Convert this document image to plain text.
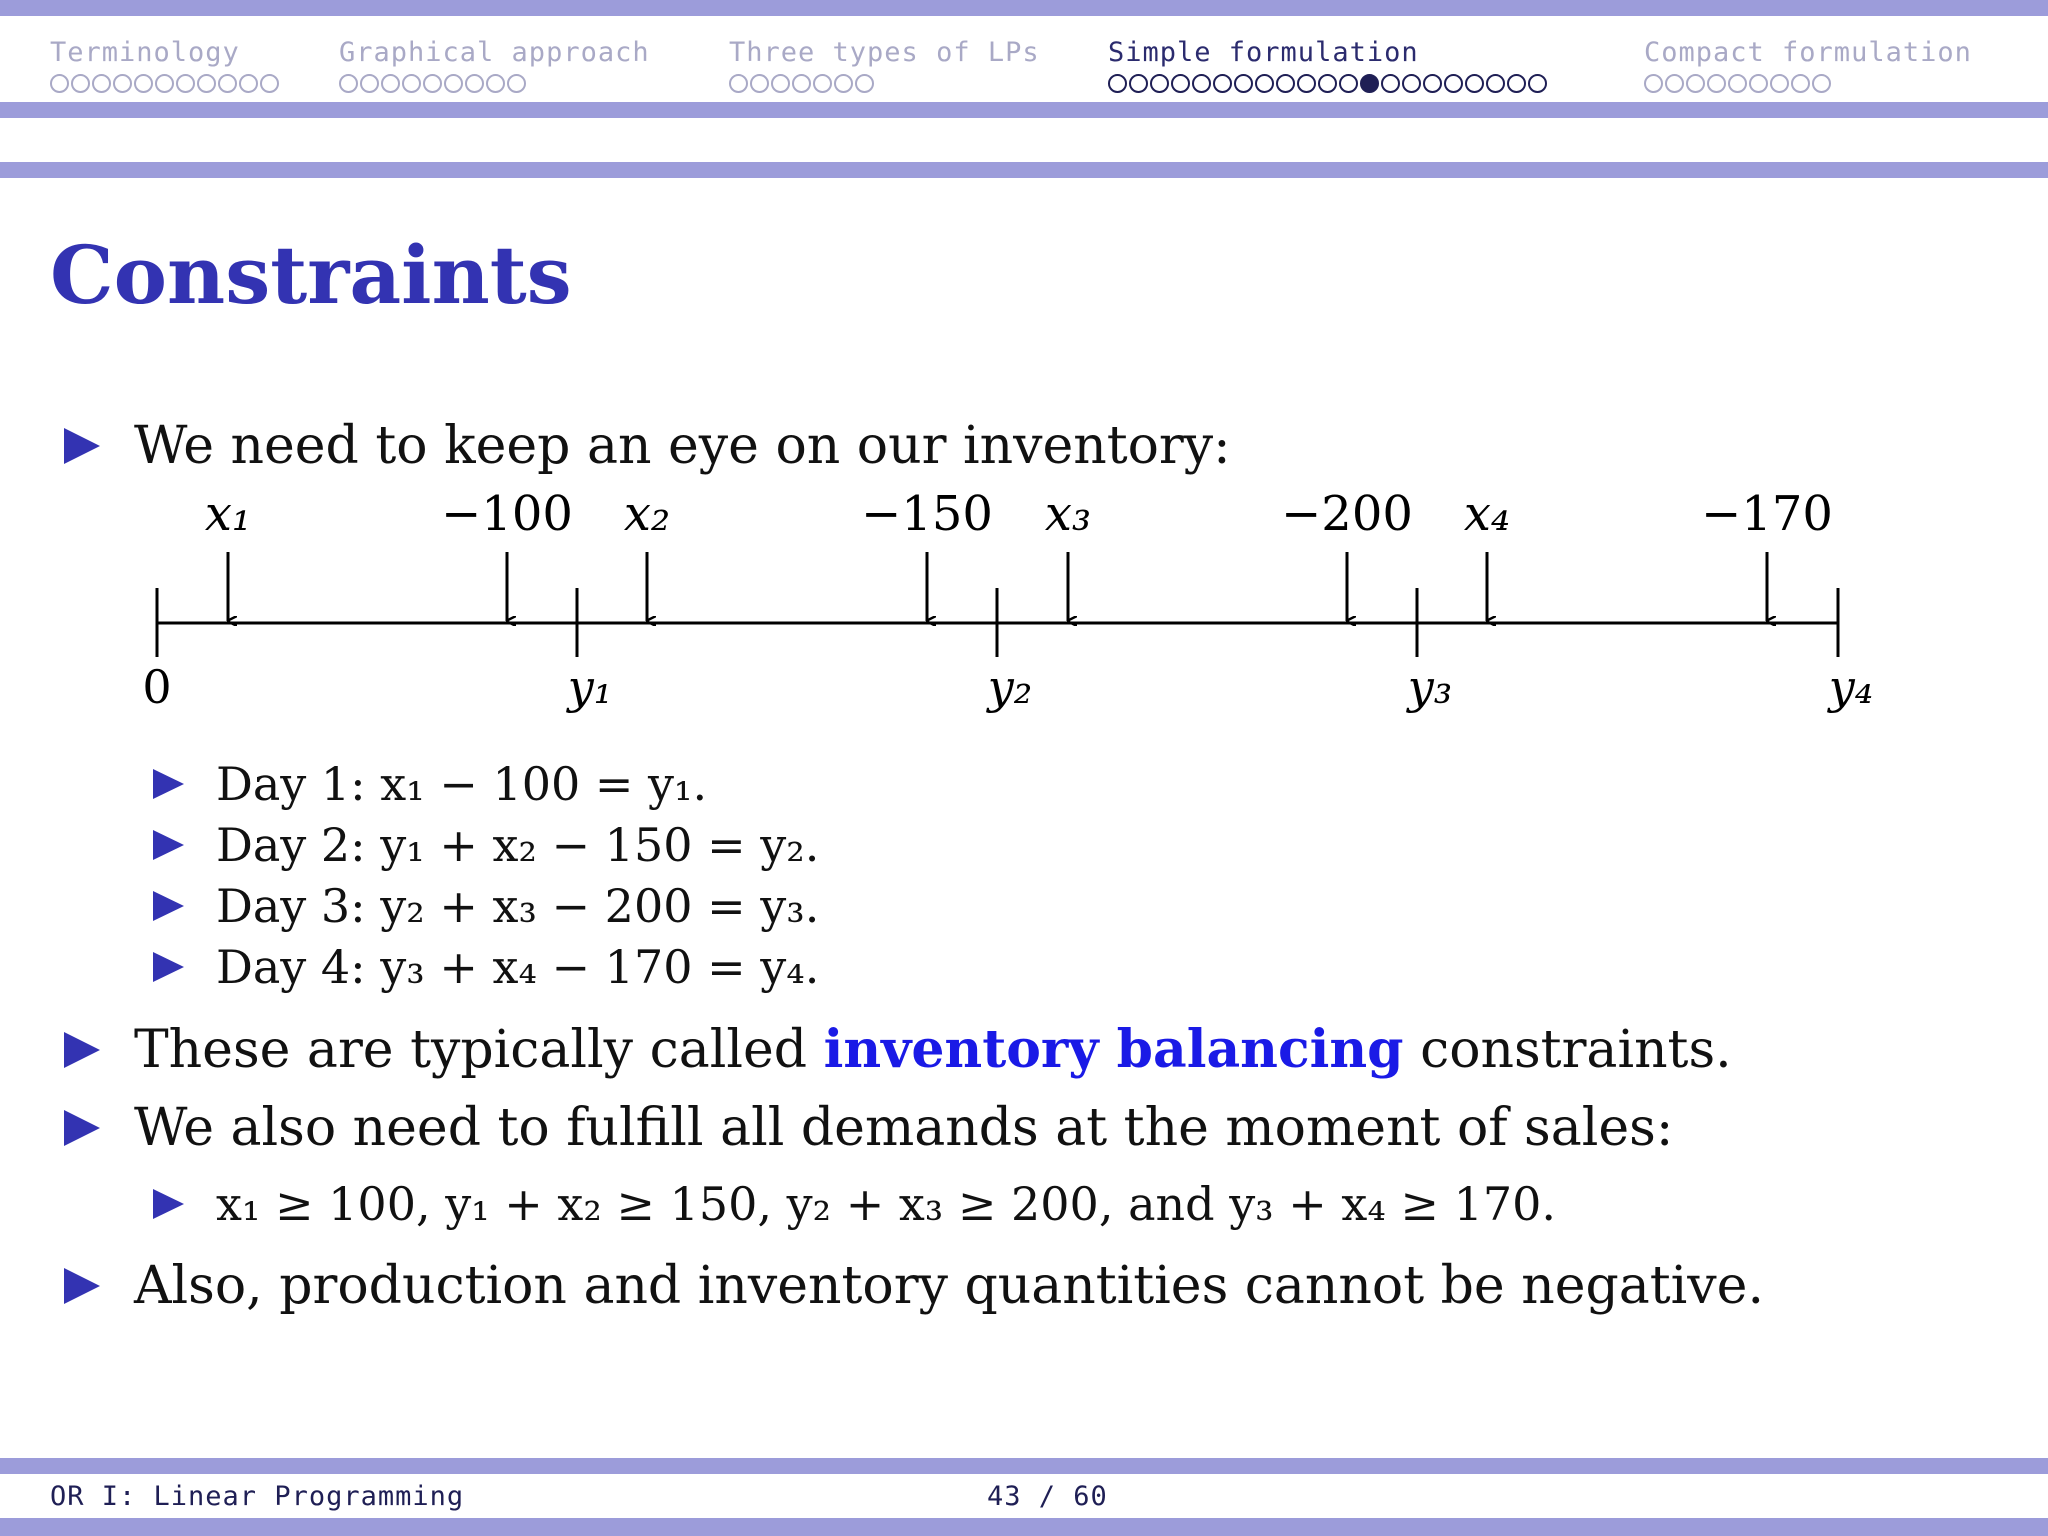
Terminology	Graphical approach	Three types of LPs	Simple formulation	Compact formulation
Constraints
We need to keep an eye on our inventory:
x₁	−100 x₂	−150 x₃	−200 x₄	−170
0	y₁	y₂	y₃	y₄
Day 1: x₁ − 100 = y₁.
Day 2: y₁ + x₂ − 150 = y₂.
Day 3: y₂ + x₃ − 200 = y₃.
Day 4: y₃ + x₄ − 170 = y₄.
These are typically called inventory balancing constraints.
We also need to fulfill all demands at the moment of sales:
x₁ ≥ 100, y₁ + x₂ ≥ 150, y₂ + x₃ ≥ 200, and y₃ + x₄ ≥ 170.
Also, production and inventory quantities cannot be negative.
OR I: Linear Programming	43 / 60
